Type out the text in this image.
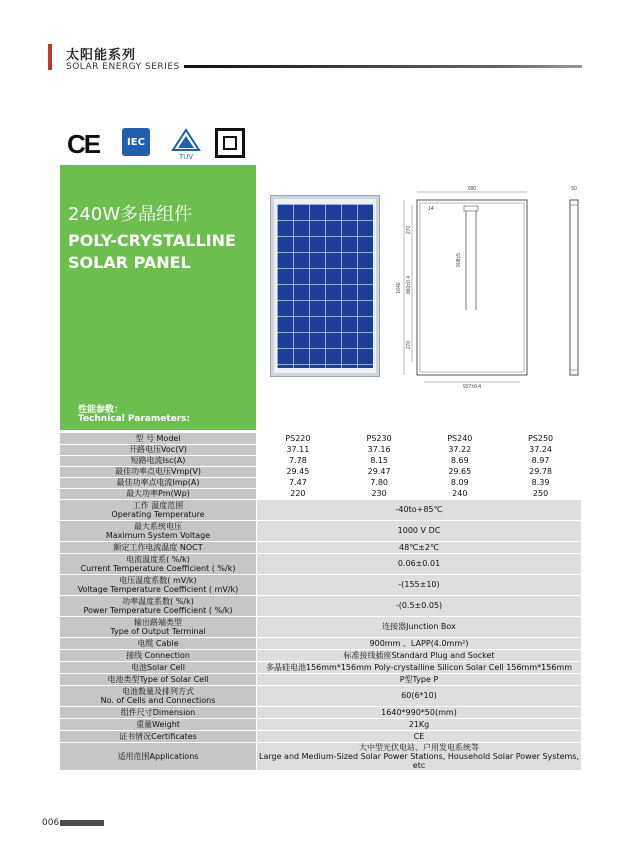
太阳能系列
SOLAR ENERGY SERIES
CE	IEC
TÜV
240W多晶组件
POLY-CRYSTALLINE
SOLAR PANEL
性能参数：
Technical Parameters:
990
937±0.4
1640
270
270
860±0.4
14
908±5
50
型 号 Model	PS220	PS230	PS240	PS250
开路电压Voc(V)	37.11	37.16	37.22	37.24
短路电流Isc(A)	7.78	8.15	8.69	8.97
最佳功率点电压Vmp(V)	29.45	29.47	29.65	29.78
最佳功率点电流Imp(A)	7.47	7.80	8.09	8.39
最大功率Pm(Wp)	220	230	240	250

工作 温度范围
Operating Temperature	-40to+85℃			

最大系统电压
Maximum System Voltage	1000 V DC			
额定工作电流温度 NOCT	48℃±2℃			

电流温度系( %/k)
Current Temperature Coefficient ( %/k)	0.06±0.01			

电压温度系数( mV/k)
Voltage Temperature Coefficient ( mV/k)	-(155±10)			

功率温度系数( %/k)
Power Temperature Coefficient ( %/k)	-(0.5±0.05)			

输出路端类型
Type of Output Terminal	连接器Junction Box			
电缆 Cable	900mm 、LAPP(4.0mm²)			
接线 Connection	标准接线插座Standard Plug and Socket			
电池Solar Cell	多晶硅电池156mm*156mm Poly-crystalline Silicon Solar Cell 156mm*156mm			
电池类型Type of Solar Cell	P型Type P			

电池数量及排列方式
No. of Cells and Connections	60(6*10)			
组件尺寸Dimension	1640*990*50(mm)			
重量Weight	21Kg			
证书情况Certificates	CE			
适用范围Applications	大中型光伏电站、户用发电系统等
Large and Medium-Sized Solar Power Stations, Household Solar Power Systems, etc			
006
